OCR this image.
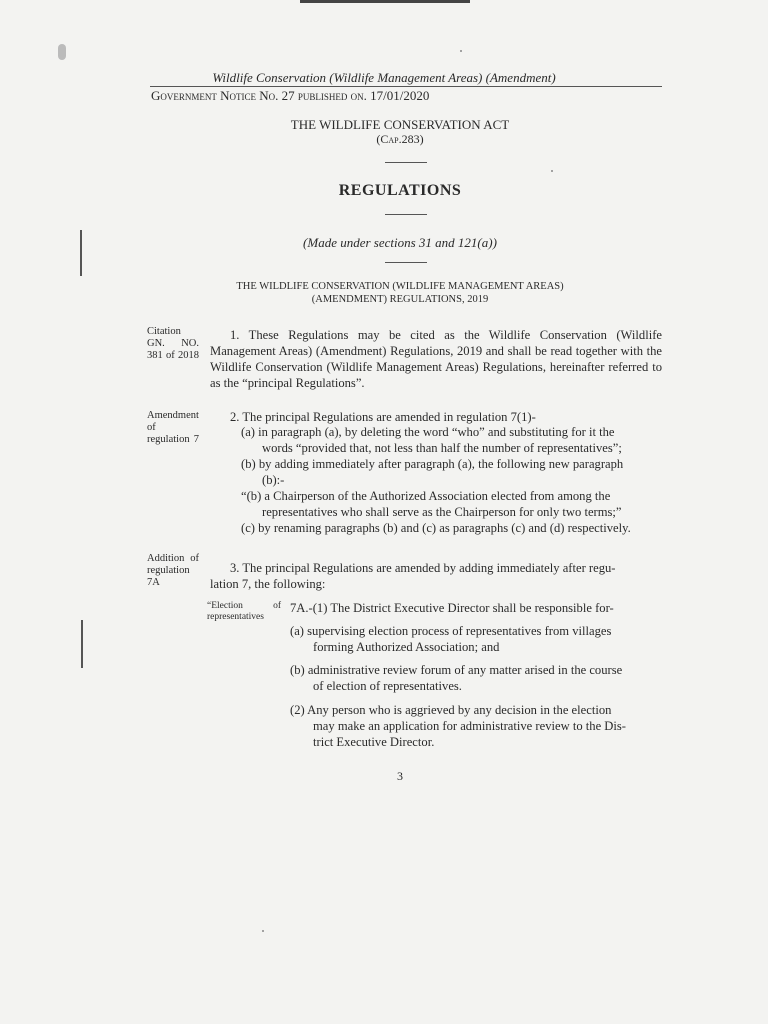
Wildlife Conservation (Wildlife Management Areas) (Amendment)
Government Notice No. 27 published on. 17/01/2020
THE WILDLIFE CONSERVATION ACT
(Cap.283)
REGULATIONS
(Made under sections 31 and 121(a))
THE WILDLIFE CONSERVATION (WILDLIFE MANAGEMENT AREAS)
(AMENDMENT) REGULATIONS, 2019
Citation GN. NO. 381 of 2018
1. These Regulations may be cited as the Wildlife Conservation (Wildlife Management Areas) (Amendment) Regulations, 2019 and shall be read together with the Wildlife Conservation (Wildlife Management Areas) Regulations, hereinafter referred to as the “principal Regulations”.
Amendment of regulation 7
2. The principal Regulations are amended in regulation 7(1)-
(a) in paragraph (a), by deleting the word “who” and substituting for it the
words “provided that, not less than half the number of representatives”;
(b) by adding immediately after paragraph (a), the following new paragraph
(b):-
“(b) a Chairperson of the Authorized Association elected from among the
representatives who shall serve as the Chairperson for only two terms;”
(c) by renaming paragraphs (b) and (c) as paragraphs (c) and (d) respectively.
Addition of regulation 7A
3. The principal Regulations are amended by adding immediately after regu-
lation 7, the following:
“Election of
representatives
7A.-(1) The District Executive Director shall be responsible for-
(a) supervising election process of representatives from villages
forming Authorized Association; and
(b) administrative review forum of any matter arised in the course
of election of representatives.
(2) Any person who is aggrieved by any decision in the election
may make an application for administrative review to the Dis-
trict Executive Director.
3
